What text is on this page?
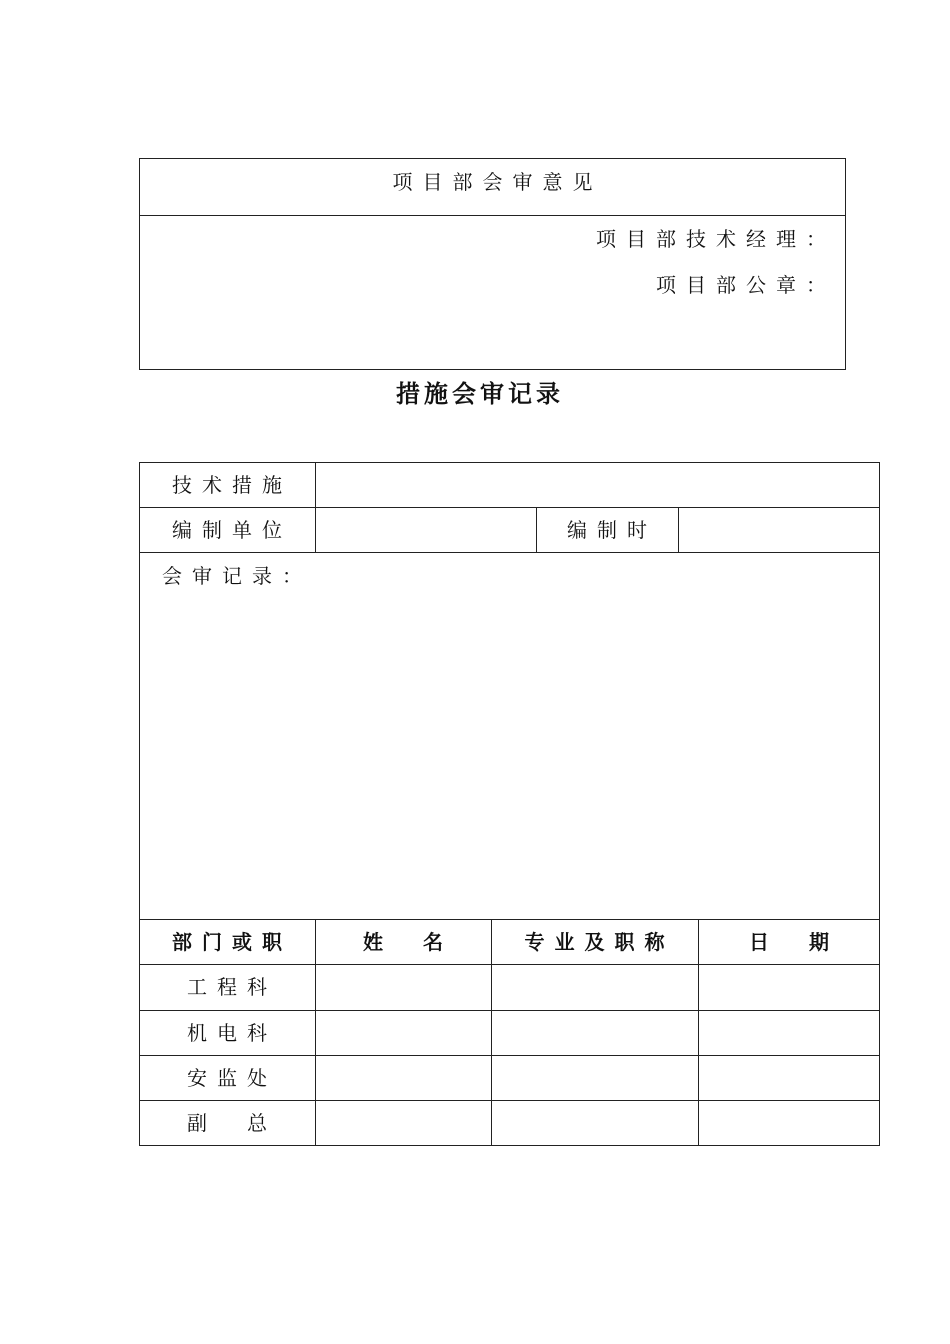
项目部会审意见
项目部技术经理：
项目部公章：
措施会审记录
技术措施
编制单位	编制时
会审记录：
部门或职	姓　名	专业及职称	日　期
工程科
机电科
安监处
副　总
